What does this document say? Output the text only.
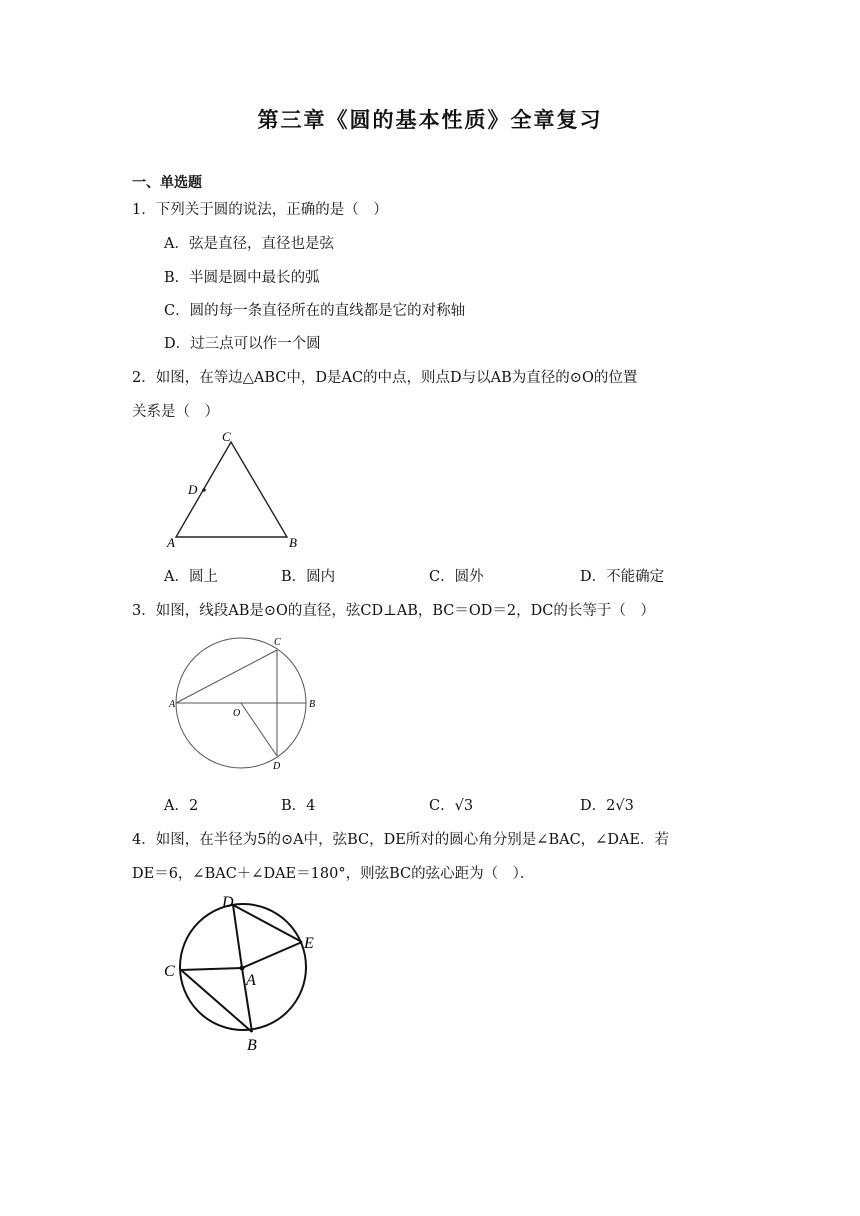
第三章《圆的基本性质》全章复习
一、单选题
1．下列关于圆的说法，正确的是（　）
A．弦是直径，直径也是弦
B．半圆是圆中最长的弧
C．圆的每一条直径所在的直线都是它的对称轴
D．过三点可以作一个圆
2．如图，在等边△ABC中，D是AC的中点，则点D与以AB为直径的⊙O的位置
关系是（　）
C
D
A	B
A．圆上	B．圆内	C．圆外	D．不能确定
3．如图，线段AB是⊙O的直径，弦CD⊥AB，BC＝OD＝2，DC的长等于（　）
C
A
O
B
D
A．2	B．4	C．√3	D．2√3
4．如图，在半径为5的⊙A中，弦BC，DE所对的圆心角分别是∠BAC，∠DAE．若
DE＝6，∠BAC＋∠DAE＝180°，则弦BC的弦心距为（　）．
D
E
C
A
B
